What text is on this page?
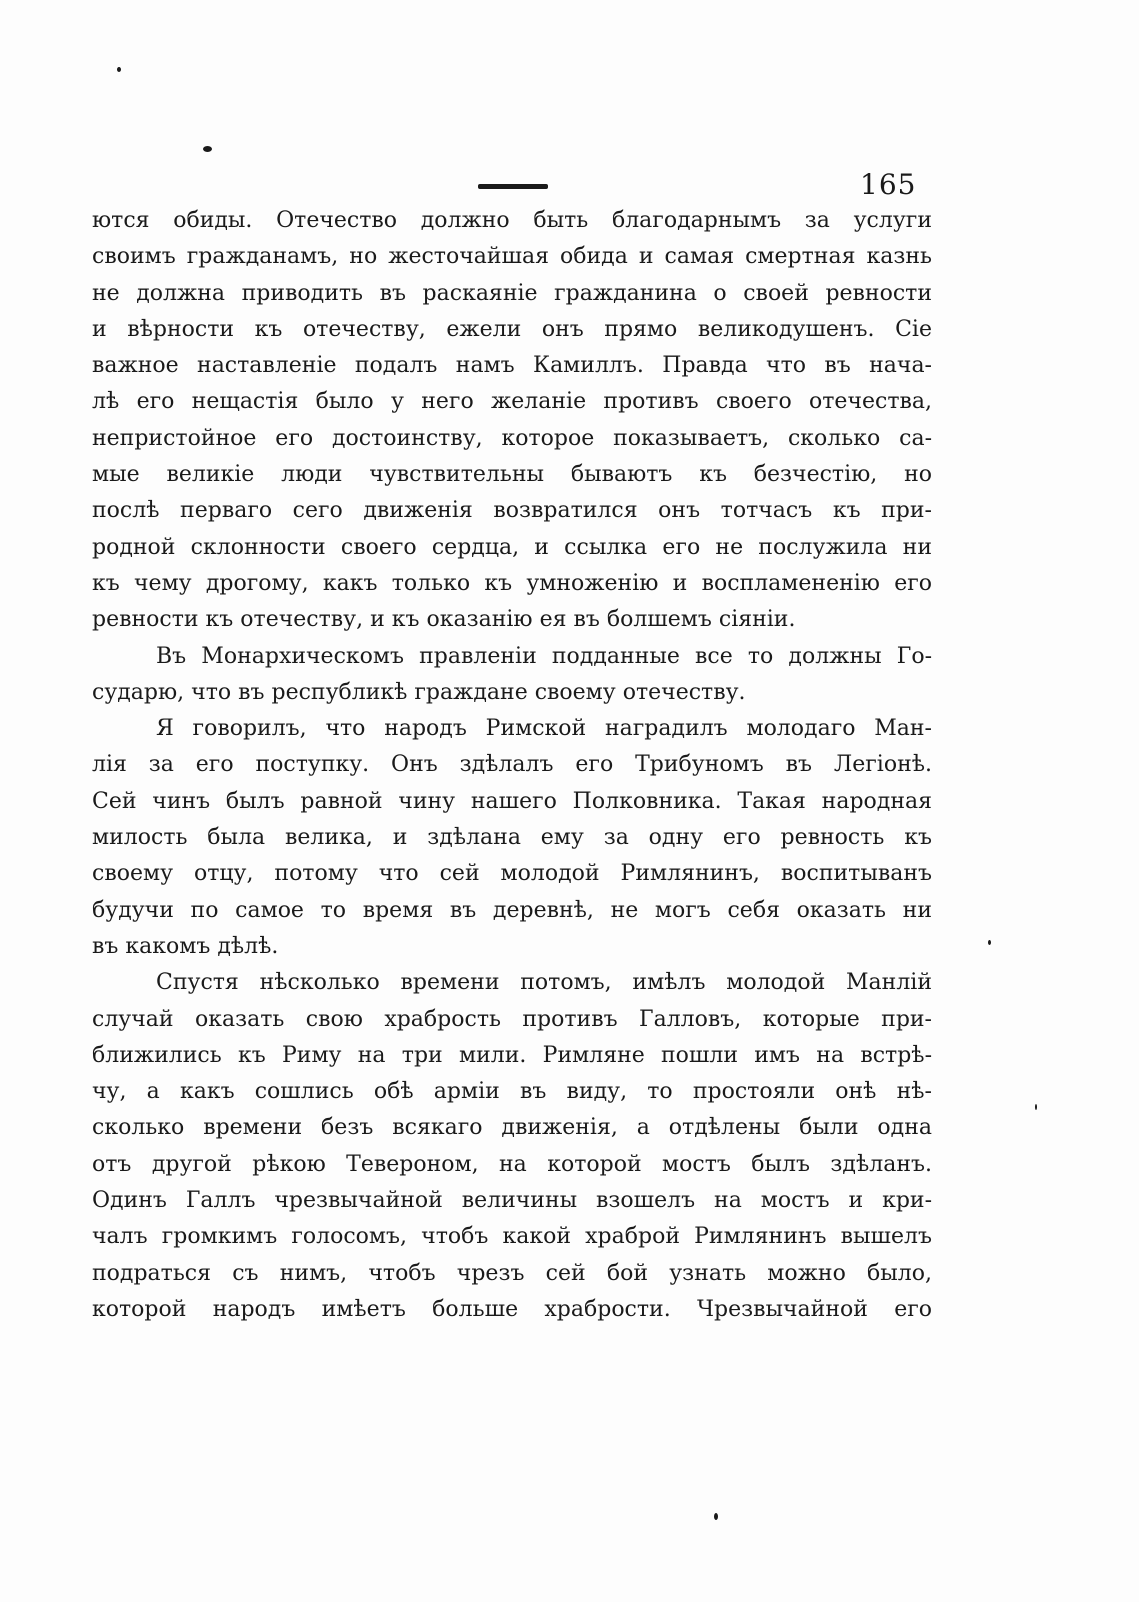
165
ются обиды. Отечество должно быть благодарнымъ за услуги
своимъ гражданамъ, но жесточайшая обида и самая смертная казнь
не должна приводить въ раскаяніе гражданина о своей ревности
и вѣрности къ отечеству, ежели онъ прямо великодушенъ. Сіе
важное наставленіе подалъ намъ Камиллъ. Правда что въ нача-
лѣ его нещастія было у него желаніе противъ своего отечества,
непристойное его достоинству, которое показываетъ, сколько са-
мые великіе люди чувствительны бываютъ къ безчестію, но
послѣ перваго сего движенія возвратился онъ тотчасъ къ при-
родной склонности своего сердца, и ссылка его не послужила ни
къ чему дрогому, какъ только къ умноженію и воспламененію его
ревности къ отечеству, и къ оказанію ея въ болшемъ сіяніи.
Въ Монархическомъ правленіи подданные все то должны Го-
сударю, что въ республикѣ граждане своему отечеству.
Я говорилъ, что народъ Римской наградилъ молодаго Ман-
лія за его поступку. Онъ здѣлалъ его Трибуномъ въ Легіонѣ.
Сей чинъ былъ равной чину нашего Полковника. Такая народная
милость была велика, и здѣлана ему за одну его ревность къ
своему отцу, потому что сей молодой Римлянинъ, воспитыванъ
будучи по самое то время въ деревнѣ, не могъ себя оказать ни
въ какомъ дѣлѣ.
Спустя нѣсколько времени потомъ, имѣлъ молодой Манлій
случай оказать свою храбрость противъ Галловъ, которые при-
ближились къ Риму на три мили. Римляне пошли имъ на встрѣ-
чу, а какъ сошлись обѣ арміи въ виду, то простояли онѣ нѣ-
сколько времени безъ всякаго движенія, а отдѣлены были одна
отъ другой рѣкою Тевероном, на которой мостъ былъ здѣланъ.
Одинъ Галлъ чрезвычайной величины взошелъ на мостъ и кри-
чалъ громкимъ голосомъ, чтобъ какой храброй Римлянинъ вышелъ
подраться съ нимъ, чтобъ чрезъ сей бой узнать можно было,
которой народъ имѣетъ больше храбрости. Чрезвычайной его
